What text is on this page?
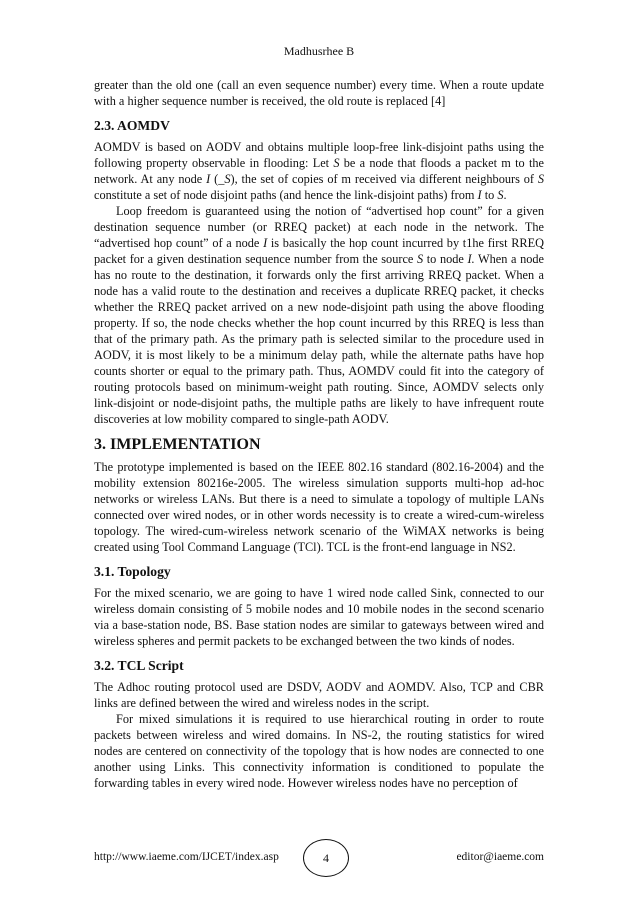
Madhusrhee B

greater than the old one (call an even sequence number) every time. When a route update with a higher sequence number is received, the old route is replaced [4]

2.3. AOMDV

AOMDV is based on AODV and obtains multiple loop-free link-disjoint paths using the following property observable in flooding: Let S be a node that floods a packet m to the network. At any node I (_S), the set of copies of m received via different neighbours of S constitute a set of node disjoint paths (and hence the link-disjoint paths) from I to S.

Loop freedom is guaranteed using the notion of “advertised hop count” for a given destination sequence number (or RREQ packet) at each node in the network. The “advertised hop count” of a node I is basically the hop count incurred by t1he first RREQ packet for a given destination sequence number from the source S to node I. When a node has no route to the destination, it forwards only the first arriving RREQ packet. When a node has a valid route to the destination and receives a duplicate RREQ packet, it checks whether the RREQ packet arrived on a new node-disjoint path using the above flooding property. If so, the node checks whether the hop count incurred by this RREQ is less than that of the primary path. As the primary path is selected similar to the procedure used in AODV, it is most likely to be a minimum delay path, while the alternate paths have hop counts shorter or equal to the primary path. Thus, AOMDV could fit into the category of routing protocols based on minimum-weight path routing. Since, AOMDV selects only link-disjoint or node-disjoint paths, the multiple paths are likely to have infrequent route discoveries at low mobility compared to single-path AODV.

3. IMPLEMENTATION

The prototype implemented is based on the IEEE 802.16 standard (802.16-2004) and the mobility extension 80216e-2005. The wireless simulation supports multi-hop ad-hoc networks or wireless LANs. But there is a need to simulate a topology of multiple LANs connected over wired nodes, or in other words necessity is to create a wired-cum-wireless topology. The wired-cum-wireless network scenario of the WiMAX networks is being created using Tool Command Language (TCl). TCL is the front-end language in NS2.

3.1. Topology

For the mixed scenario, we are going to have 1 wired node called Sink, connected to our wireless domain consisting of 5 mobile nodes and 10 mobile nodes in the second scenario via a base-station node, BS. Base station nodes are similar to gateways between wired and wireless spheres and permit packets to be exchanged between the two kinds of nodes.

3.2. TCL Script

The Adhoc routing protocol used are DSDV, AODV and AOMDV. Also, TCP and CBR links are defined between the wired and wireless nodes in the script.

For mixed simulations it is required to use hierarchical routing in order to route packets between wireless and wired domains. In NS-2, the routing statistics for wired nodes are centered on connectivity of the topology that is how nodes are connected to one another using Links. This connectivity information is conditioned to populate the forwarding tables in every wired node. However wireless nodes have no perception of

http://www.iaeme.com/IJCET/index.asp	4	editor@iaeme.com
